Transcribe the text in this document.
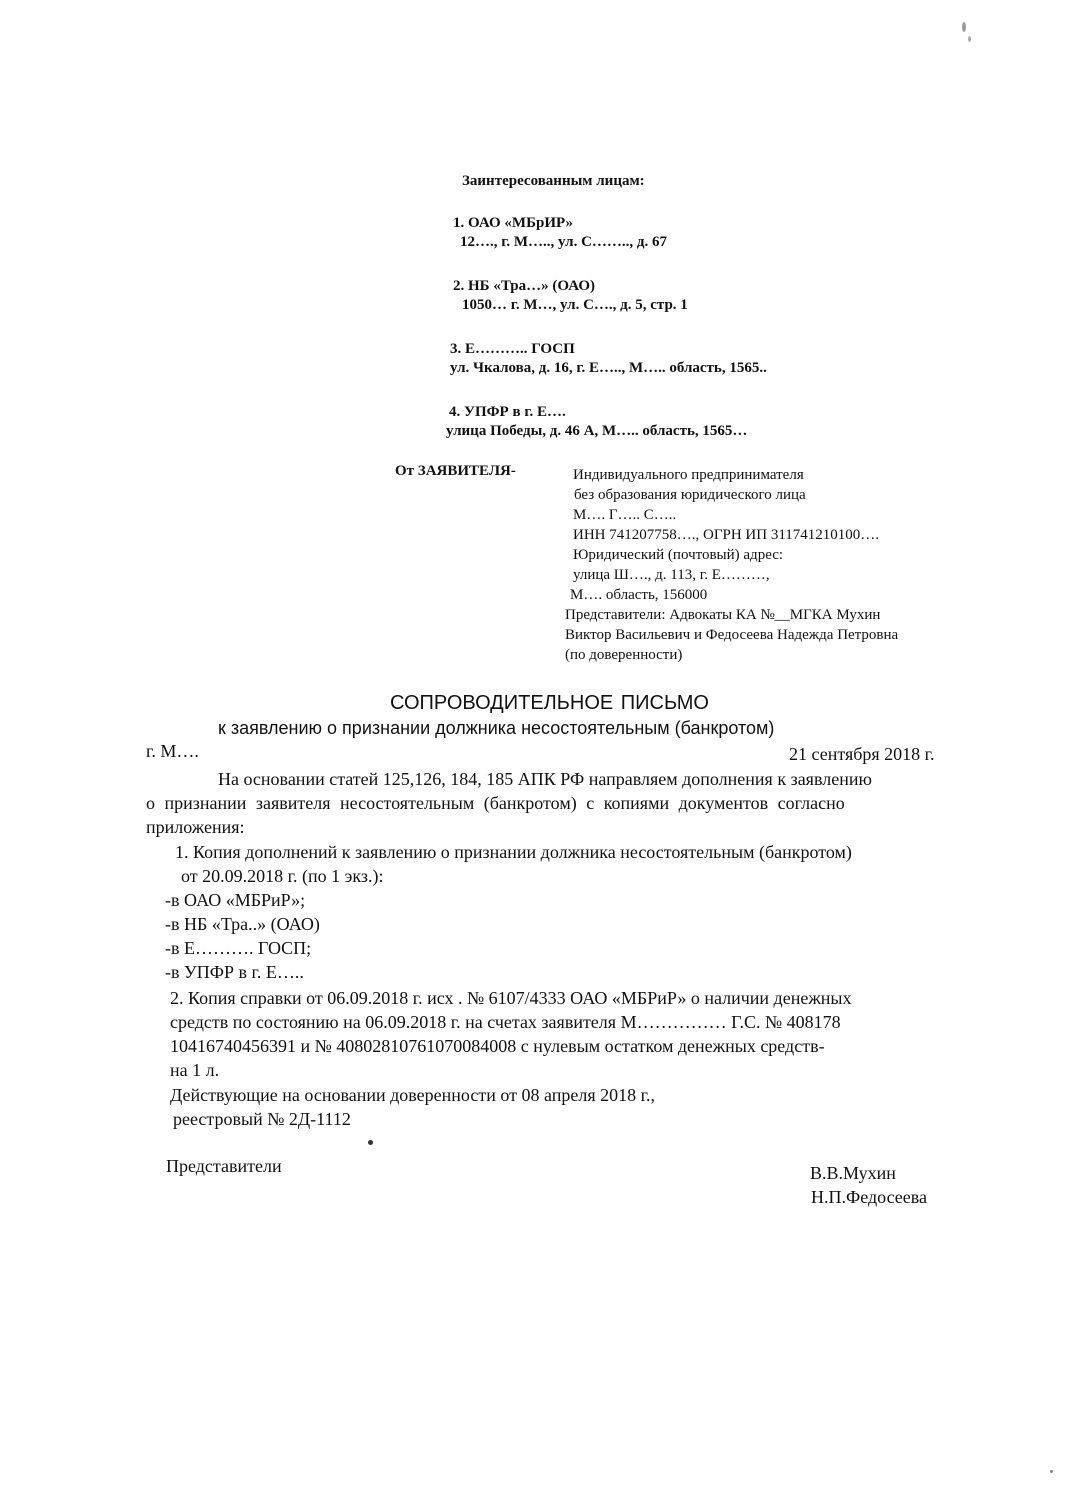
Заинтересованным лицам:
1. ОАО «МБрИР»
12…., г. М….., ул. С…….., д. 67
2. НБ «Тра…» (ОАО)
1050… г. М…, ул. С…., д. 5, стр. 1
3. Е……….. ГОСП
ул. Чкалова, д. 16, г. Е….., М….. область, 1565..
4. УПФР в г. Е….
улица Победы, д. 46 А, М….. область, 1565…
От ЗАЯВИТЕЛЯ-	Индивидуального предпринимателя
без образования юридического лица
М…. Г….. С…..
ИНН 741207758…., ОГРН ИП 311741210100….
Юридический (почтовый) адрес:
улица Ш…., д. 113, г. Е………,
М…. область, 156000
Представители: Адвокаты КА №__МГКА Мухин
Виктор Васильевич и Федосеева Надежда Петровна
(по доверенности)
СОПРОВОДИТЕЛЬНОЕ ПИСЬМО
к заявлению о признании должника несостоятельным (банкротом)
г. М….	21 сентября 2018 г.
На основании статей 125,126, 184, 185 АПК РФ направляем дополнения к заявлению
о признании заявителя несостоятельным (банкротом) с копиями документов согласно
приложения:
1. Копия дополнений к заявлению о признании должника несостоятельным (банкротом)
от 20.09.2018 г. (по 1 экз.):
-в ОАО «МБРиР»;
-в НБ «Тра..» (ОАО)
-в Е………. ГОСП;
-в УПФР в г. Е…..
2. Копия справки от 06.09.2018 г. исх . № 6107/4333 ОАО «МБРиР» о наличии денежных
средств по состоянию на 06.09.2018 г. на счетах заявителя М…………… Г.С. № 408178
10416740456391 и № 40802810761070084008 с нулевым остатком денежных средств-
на 1 л.
Действующие на основании доверенности от 08 апреля 2018 г.,
реестровый № 2Д-1112
Представители	В.В.Мухин
Н.П.Федосеева
